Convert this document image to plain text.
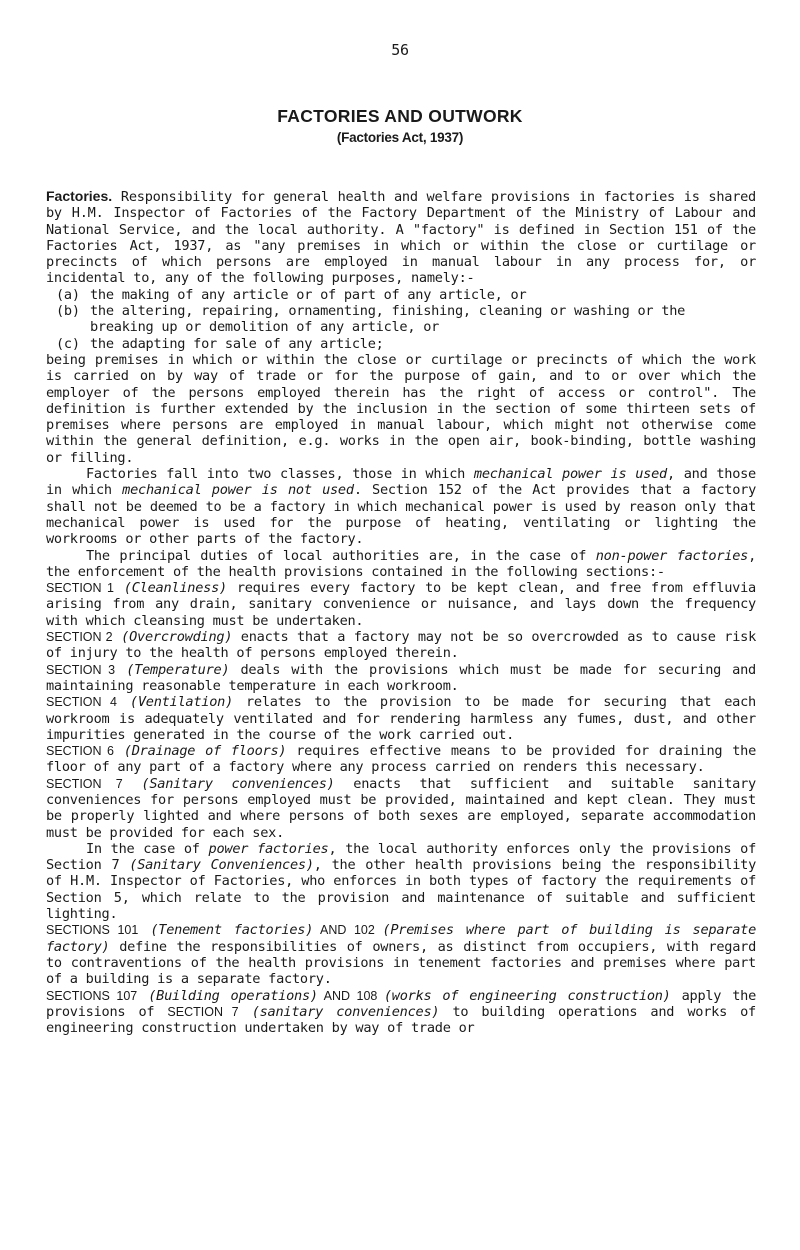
56
FACTORIES AND OUTWORK
(Factories Act, 1937)

Factories. Responsibility for general health and welfare provisions in factories is shared by H.M. Inspector of Factories of the Factory Department of the Ministry of Labour and National Service, and the local authority. A "factory" is defined in Section 151 of the Factories Act, 1937, as "any premises in which or within the close or curtilage or precincts of which persons are employed in manual labour in any process for, or incidental to, any of the following purposes, namely:-

(a) the making of any article or of part of any article, or
(b) the altering, repairing, ornamenting, finishing, cleaning or washing or the breaking up or demolition of any article, or
(c) the adapting for sale of any article;

being premises in which or within the close or curtilage or precincts of which the work is carried on by way of trade or for the purpose of gain, and to or over which the employer of the persons employed therein has the right of access or control". The definition is further extended by the inclusion in the section of some thirteen sets of premises where persons are employed in manual labour, which might not otherwise come within the general definition, e.g. works in the open air, book-binding, bottle washing or filling.

Factories fall into two classes, those in which mechanical power is used, and those in which mechanical power is not used. Section 152 of the Act provides that a factory shall not be deemed to be a factory in which mechanical power is used by reason only that mechanical power is used for the purpose of heating, ventilating or lighting the workrooms or other parts of the factory.

The principal duties of local authorities are, in the case of non-power factories, the enforcement of the health provisions contained in the following sections:-

SECTION 1 (Cleanliness) requires every factory to be kept clean, and free from effluvia arising from any drain, sanitary convenience or nuisance, and lays down the frequency with which cleansing must be undertaken.

SECTION 2 (Overcrowding) enacts that a factory may not be so overcrowded as to cause risk of injury to the health of persons employed therein.

SECTION 3 (Temperature) deals with the provisions which must be made for securing and maintaining reasonable temperature in each workroom.

SECTION 4 (Ventilation) relates to the provision to be made for securing that each workroom is adequately ventilated and for rendering harmless any fumes, dust, and other impurities generated in the course of the work carried out.

SECTION 6 (Drainage of floors) requires effective means to be provided for draining the floor of any part of a factory where any process carried on renders this necessary.

SECTION 7 (Sanitary conveniences) enacts that sufficient and suitable sanitary conveniences for persons employed must be provided, maintained and kept clean. They must be properly lighted and where persons of both sexes are employed, separate accommodation must be provided for each sex.

In the case of power factories, the local authority enforces only the provisions of Section 7 (Sanitary Conveniences), the other health provisions being the responsibility of H.M. Inspector of Factories, who enforces in both types of factory the requirements of Section 5, which relate to the provision and maintenance of suitable and sufficient lighting.

SECTIONS 101 (Tenement factories) AND 102 (Premises where part of building is separate factory) define the responsibilities of owners, as distinct from occupiers, with regard to contraventions of the health provisions in tenement factories and premises where part of a building is a separate factory.

SECTIONS 107 (Building operations) AND 108 (works of engineering construction) apply the provisions of SECTION 7 (sanitary conveniences) to building operations and works of engineering construction undertaken by way of trade or
